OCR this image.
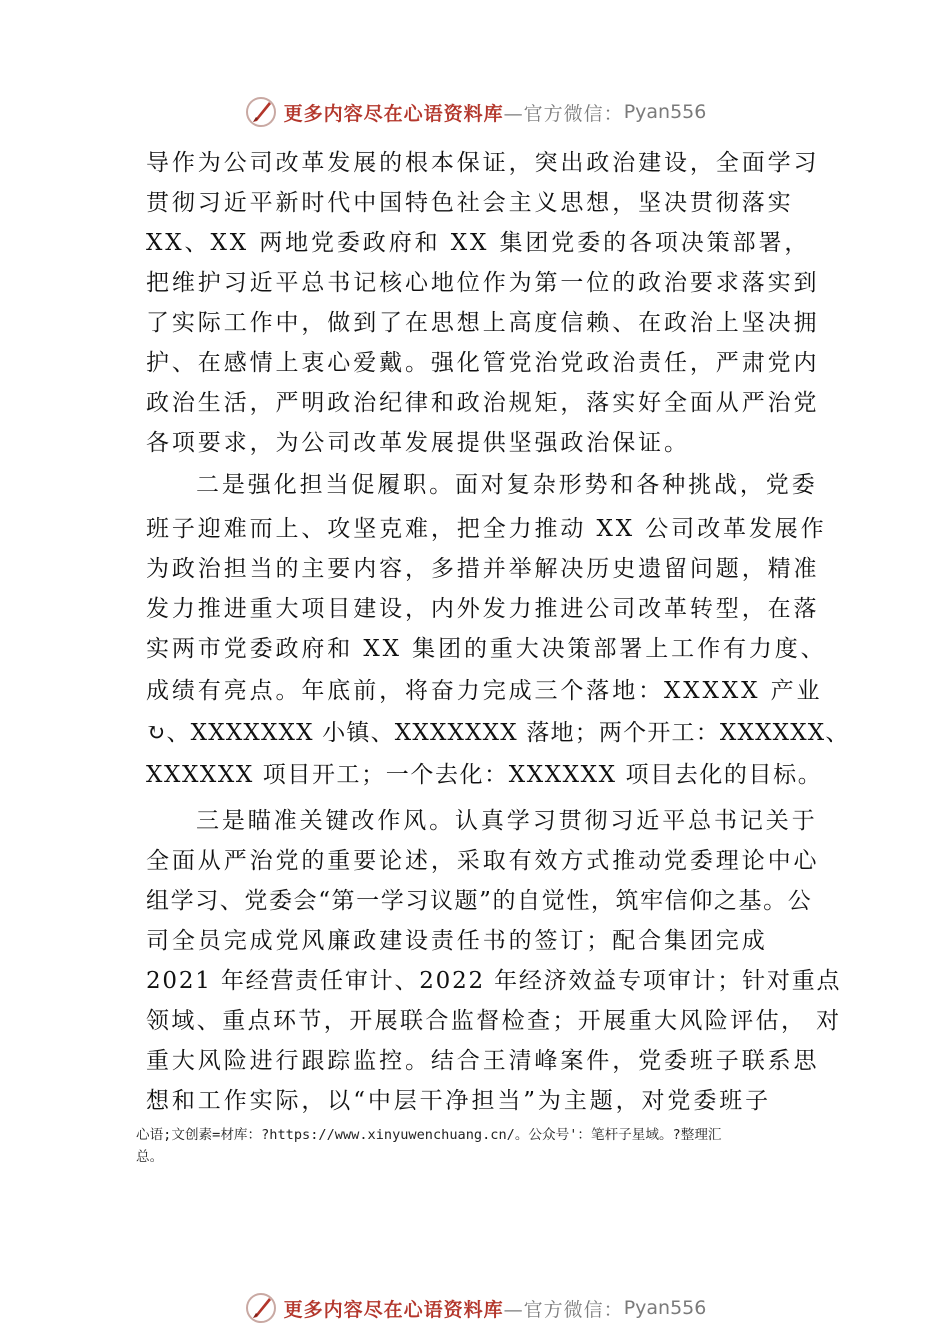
更多内容尽在心语资料库 —官方微信： Pyan556
导作为公司改革发展的根本保证，突出政治建设，全面学习
贯彻习近平新时代中国特色社会主义思想，坚决贯彻落实
XX、XX 两地党委政府和 XX 集团党委的各项决策部署，
把维护习近平总书记核心地位作为第一位的政治要求落实到
了实际工作中，做到了在思想上高度信赖、在政治上坚决拥
护、在感情上衷心爱戴。强化管党治党政治责任，严肃党内
政治生活，严明政治纪律和政治规矩，落实好全面从严治党
各项要求，为公司改革发展提供坚强政治保证。
二是强化担当促履职。面对复杂形势和各种挑战，党委
班子迎难而上、攻坚克难，把全力推动 XX 公司改革发展作
为政治担当的主要内容，多措并举解决历史遗留问题，精准
发力推进重大项目建设，内外发力推进公司改革转型，在落
实两市党委政府和 XX 集团的重大决策部署上工作有力度、
成绩有亮点。年底前，将奋力完成三个落地：XXXXX 产业
↻、XXXXXXX 小镇、XXXXXXX 落地；两个开工：XXXXXX、
XXXXXX 项目开工；一个去化：XXXXXX 项目去化的目标。
三是瞄准关键改作风。认真学习贯彻习近平总书记关于
全面从严治党的重要论述，采取有效方式推动党委理论中心
组学习、党委会“第一学习议题”的自觉性，筑牢信仰之基。公
司全员完成党风廉政建设责任书的签订；配合集团完成
2021 年经营责任审计、2022 年经济效益专项审计；针对重点
领域、重点环节，开展联合监督检查；开展重大风险评估， 对
重大风险进行跟踪监控。结合王清峰案件，党委班子联系思
想和工作实际，以“中层干净担当”为主题，对党委班子
心语;文创素=材库：?https://www.xinyuwenchuang.cn/。公众号'：笔杆子星域。?整理汇
总。
更多内容尽在心语资料库 —官方微信： Pyan556
